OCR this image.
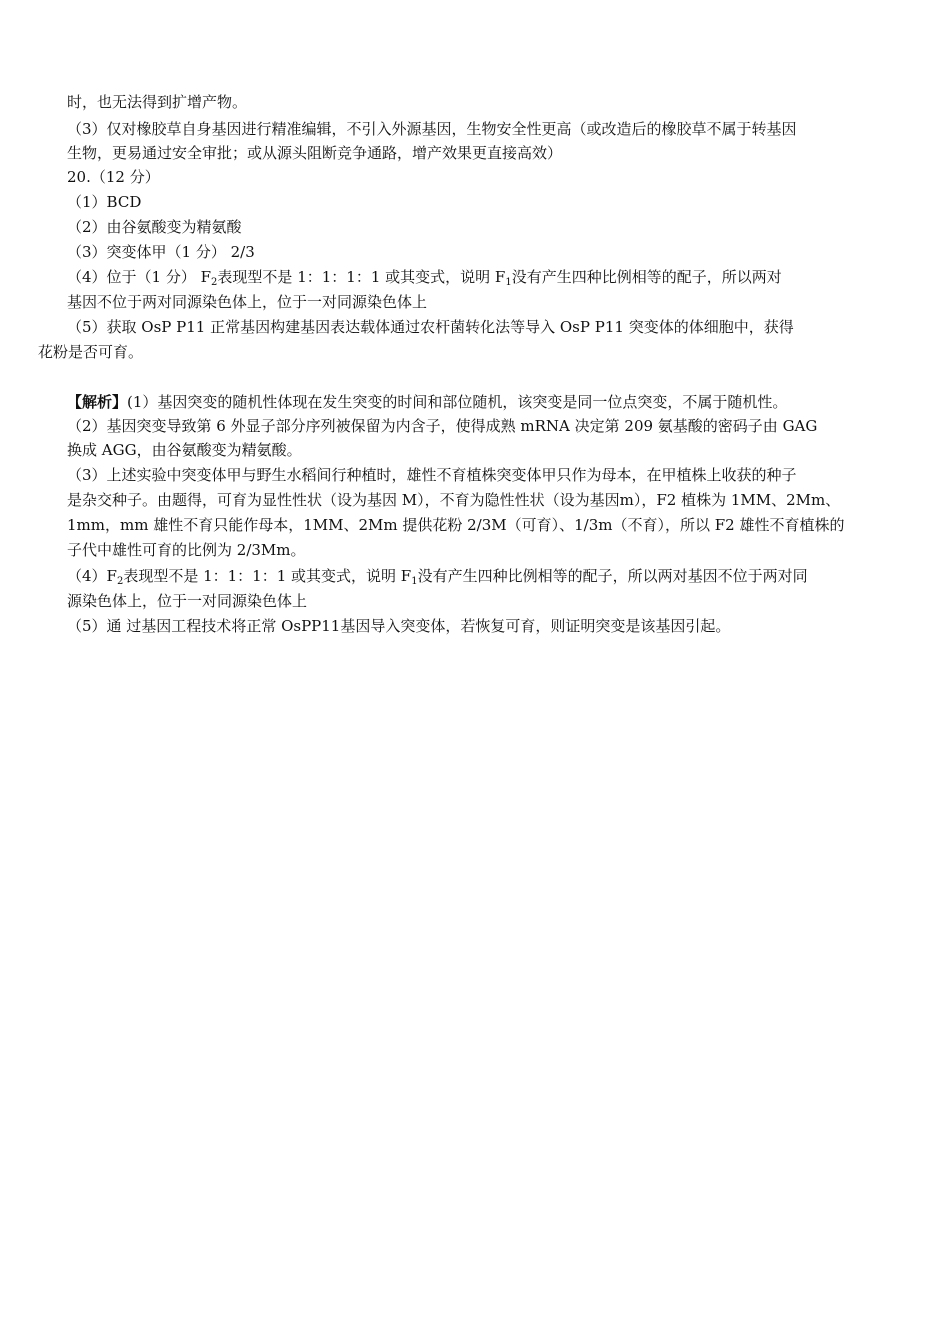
时，也无法得到扩增产物。
（3）仅对橡胶草自身基因进行精准编辑，不引入外源基因，生物安全性更高（或改造后的橡胶草不属于转基因
生物，更易通过安全审批；或从源头阻断竞争通路，增产效果更直接高效）
20.（12 分）
（1）BCD
（2）由谷氨酸变为精氨酸
（3）突变体甲（1 分） 2/3
（4）位于（1 分） $F_2$表现型不是 1：1：1：1 或其变式，说明 $F_1$没有产生四种比例相等的配子，所以两对
基因不位于两对同源染色体上，位于一对同源染色体上
（5）获取 OsP P11 正常基因构建基因表达载体通过农杆菌转化法等导入 OsP P11 突变体的体细胞中，获得
花粉是否可育。
【解析】(1）基因突变的随机性体现在发生突变的时间和部位随机，该突变是同一位点突变，不属于随机性。
（2）基因突变导致第 6 外显子部分序列被保留为内含子，使得成熟 mRNA 决定第 209 氨基酸的密码子由 GAG
换成 AGG，由谷氨酸变为精氨酸。
（3）上述实验中突变体甲与野生水稻间行种植时，雄性不育植株突变体甲只作为母本，在甲植株上收获的种子
是杂交种子。由题得，可育为显性性状（设为基因 M），不育为隐性性状（设为基因m），F2 植株为 1MM、2Mm、
1mm，mm 雄性不育只能作母本，1MM、2Mm 提供花粉 2/3M（可育）、1/3m（不育），所以 F2 雄性不育植株的
子代中雄性可育的比例为 2/3Mm。
$(4)F_2$表现型不是 1：1：1：1 或其变式，说明 $F_1$没有产生四种比例相等的配子，所以两对基因不位于两对同
源染色体上，位于一对同源染色体上
（5）通 过基因工程技术将正常 OsPP11基因导入突变体，若恢复可育，则证明突变是该基因引起。
